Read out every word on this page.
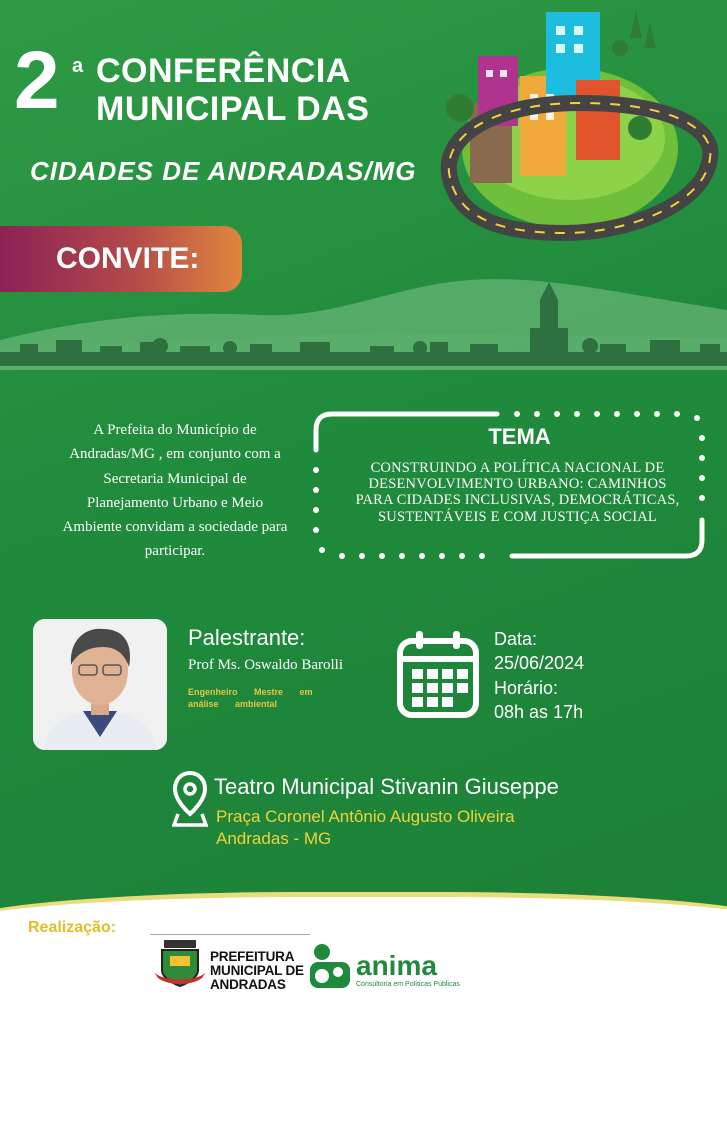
2 a CONFERÊNCIA
MUNICIPAL DAS
CIDADES DE ANDRADAS/MG
CONVITE:
A Prefeita do Município de
Andradas/MG , em conjunto com a
Secretaria Municipal de
Planejamento Urbano e Meio
Ambiente convidam a sociedade para
participar.
TEMA
CONSTRUINDO A POLÍTICA NACIONAL DE
DESENVOLVIMENTO URBANO: CAMINHOS
PARA CIDADES INCLUSIVAS, DEMOCRÁTICAS,
SUSTENTÁVEIS E COM JUSTIÇA SOCIAL
Palestrante:
Prof Ms. Oswaldo Barolli
Engenheiro Mestre em
análise ambiental
Data:
25/06/2024
Horário:
08h as 17h
Teatro Municipal Stivanin Giuseppe
Praça Coronel Antônio Augusto Oliveira
Andradas - MG
Realização:
PREFEITURA
MUNICIPAL DE
ANDRADAS
anima
Consultoria em Políticas Públicas
